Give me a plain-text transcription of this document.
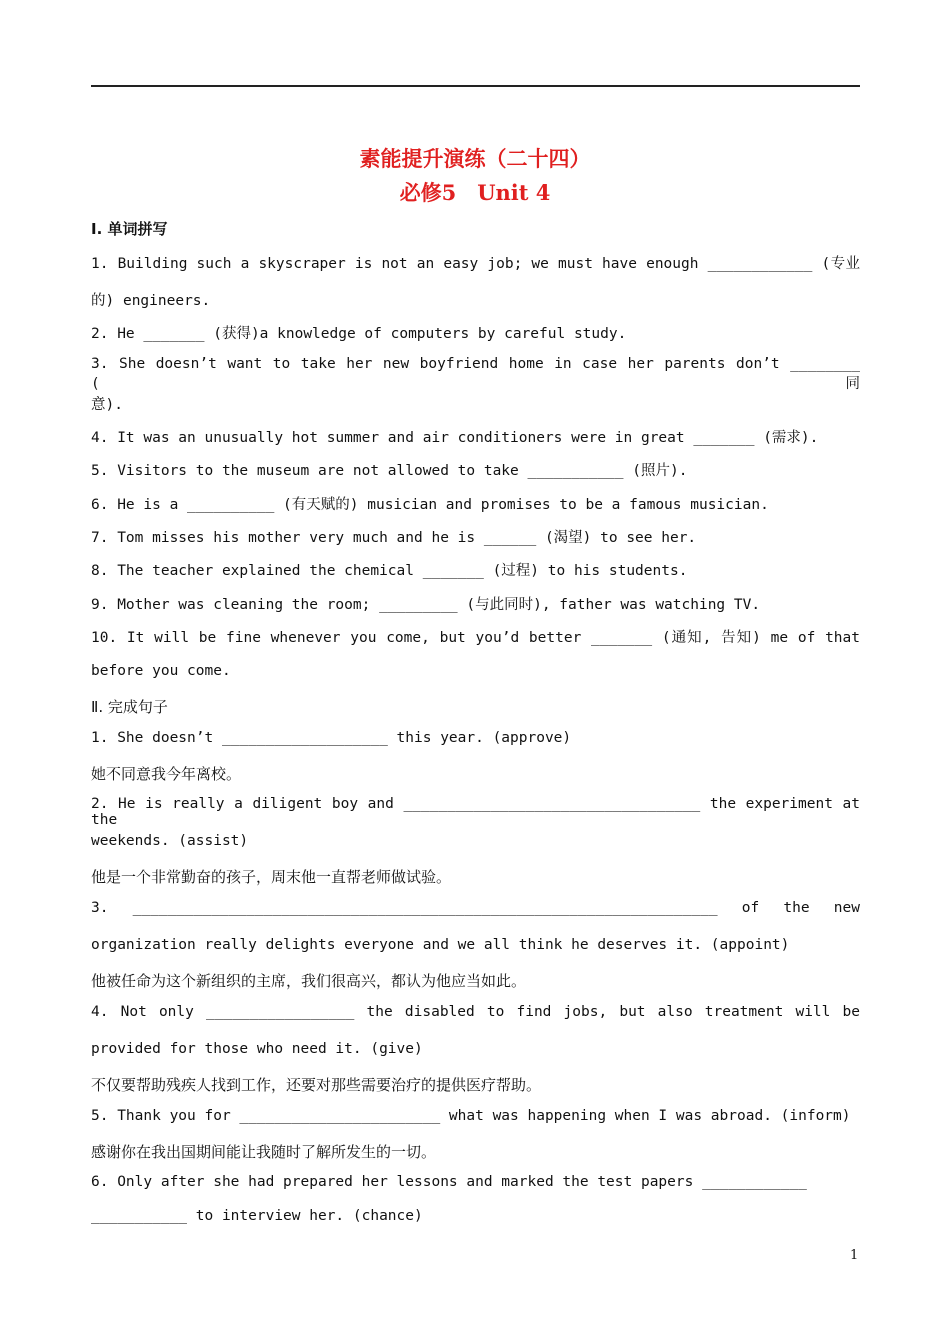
素能提升演练（二十四）
必修5　Unit 4
Ⅰ. 单词拼写
1. Building such a skyscraper is not an easy job; we must have enough ____________ (专业
的) engineers.
2. He _______ (获得)a knowledge of computers by careful study.
3. She doesn’t want to take her new boyfriend home in case her parents don’t ________ (同
意).
4. It was an unusually hot summer and air conditioners were in great _______ (需求).
5. Visitors to the museum are not allowed to take ___________ (照片).
6. He is a __________ (有天赋的) musician and promises to be a famous musician.
7. Tom misses his mother very much and he is ______ (渴望) to see her.
8. The teacher explained the chemical _______ (过程) to his students.
9. Mother was cleaning the room; _________ (与此同时), father was watching TV.
10. It will be fine whenever you come, but you’d better _______ (通知, 告知) me of that
before you come.
Ⅱ. 完成句子
1. She doesn’t ___________________ this year. (approve)
她不同意我今年离校。
2. He is really a diligent boy and __________________________________ the experiment at the
weekends. (assist)
他是一个非常勤奋的孩子，周末他一直帮老师做试验。
3. ___________________________________________________________________ of the new
organization really delights everyone and we all think he deserves it. (appoint)
他被任命为这个新组织的主席，我们很高兴，都认为他应当如此。
4. Not only _________________ the disabled to find jobs, but also treatment will be
provided for those who need it. (give)
不仅要帮助残疾人找到工作，还要对那些需要治疗的提供医疗帮助。
5. Thank you for _______________________ what was happening when I was abroad. (inform)
感谢你在我出国期间能让我随时了解所发生的一切。
6. Only after she had prepared her lessons and marked the test papers ____________
___________ to interview her. (chance)
1
